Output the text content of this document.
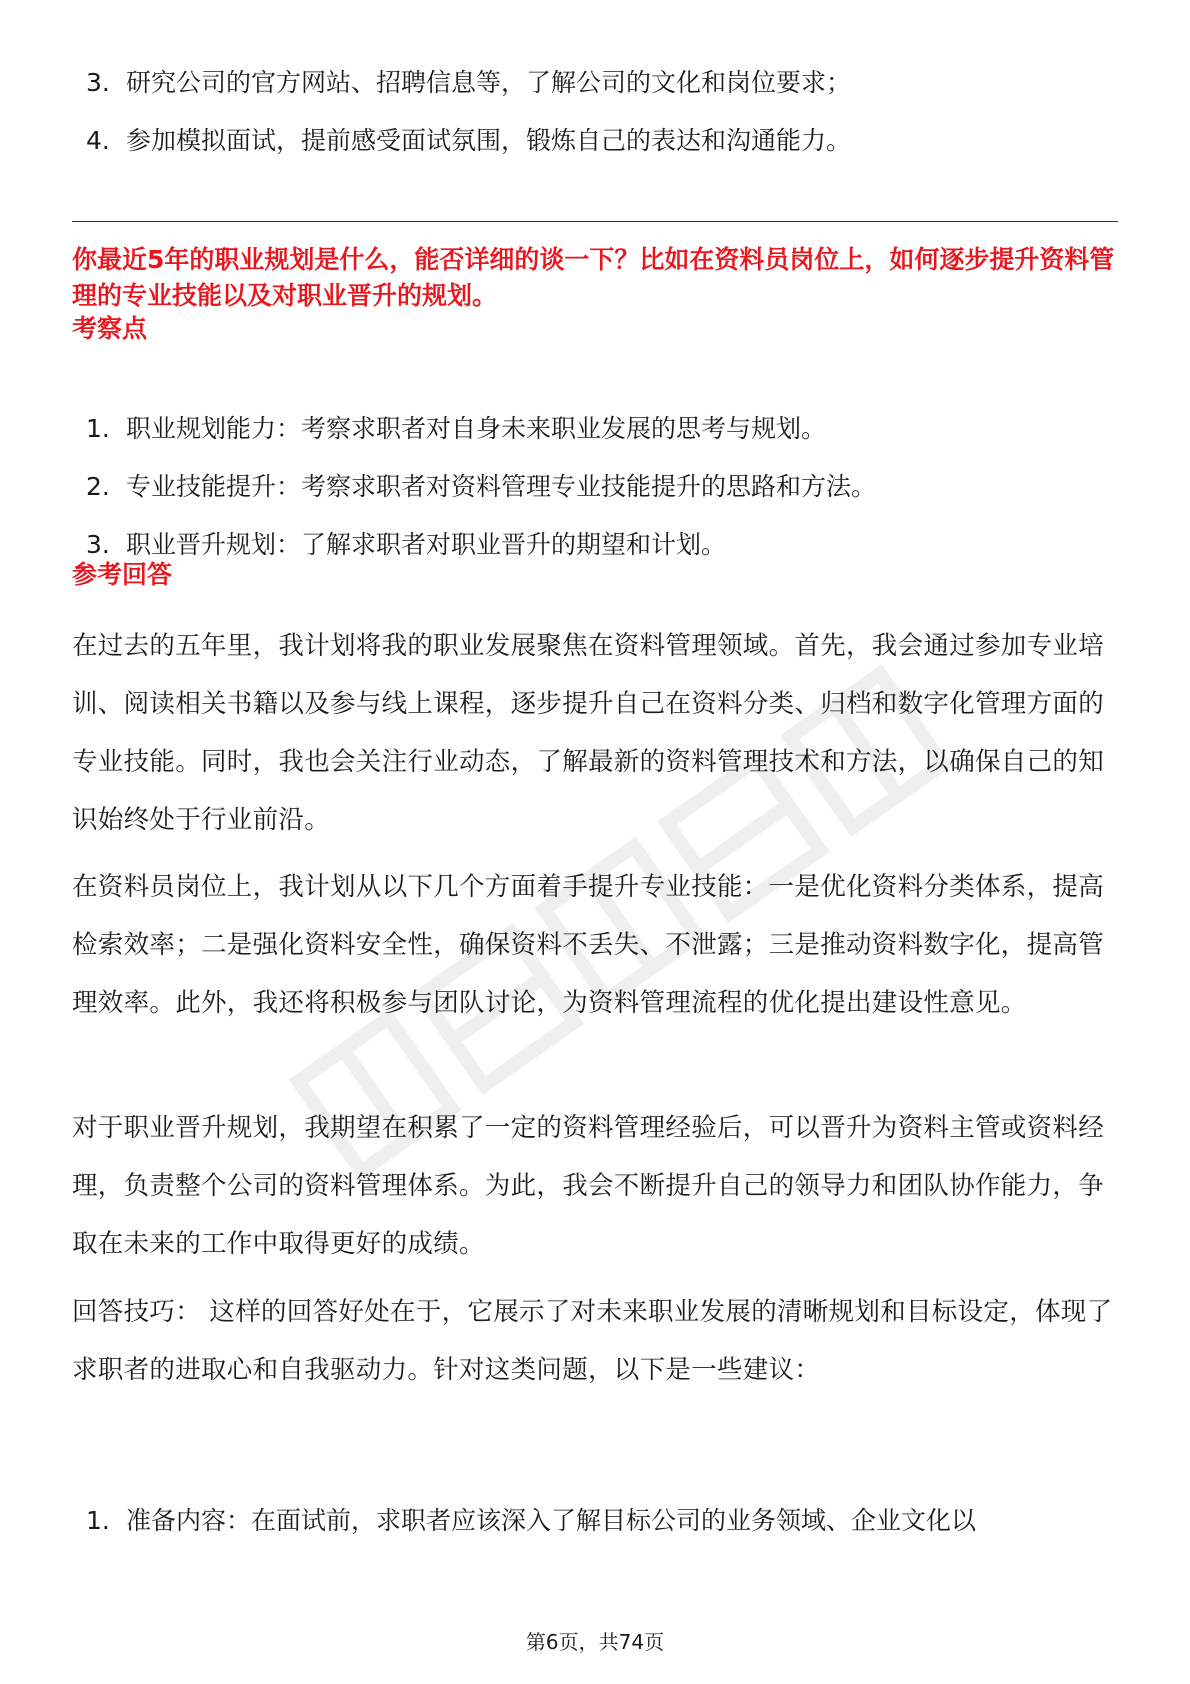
3. 研究公司的官方网站、招聘信息等，了解公司的文化和岗位要求；
4. 参加模拟面试，提前感受面试氛围，锻炼自己的表达和沟通能力。

你最近5年的职业规划是什么，能否详细的谈一下？比如在资料员岗位上，如何逐步提升资料管理的专业技能以及对职业晋升的规划。

考察点

1. 职业规划能力：考察求职者对自身未来职业发展的思考与规划。
2. 专业技能提升：考察求职者对资料管理专业技能提升的思路和方法。
3. 职业晋升规划：了解求职者对职业晋升的期望和计划。

参考回答

在过去的五年里，我计划将我的职业发展聚焦在资料管理领域。首先，我会通过参加专业培训、阅读相关书籍以及参与线上课程，逐步提升自己在资料分类、归档和数字化管理方面的专业技能。同时，我也会关注行业动态，了解最新的资料管理技术和方法，以确保自己的知识始终处于行业前沿。

在资料员岗位上，我计划从以下几个方面着手提升专业技能：一是优化资料分类体系，提高检索效率；二是强化资料安全性，确保资料不丢失、不泄露；三是推动资料数字化，提高管理效率。此外，我还将积极参与团队讨论，为资料管理流程的优化提出建设性意见。

对于职业晋升规划，我期望在积累了一定的资料管理经验后，可以晋升为资料主管或资料经理，负责整个公司的资料管理体系。为此，我会不断提升自己的领导力和团队协作能力，争取在未来的工作中取得更好的成绩。

回答技巧： 这样的回答好处在于，它展示了对未来职业发展的清晰规划和目标设定，体现了求职者的进取心和自我驱动力。针对这类问题，以下是一些建议：

1. 准备内容：在面试前，求职者应该深入了解目标公司的业务领域、企业文化以
第6页，共74页
